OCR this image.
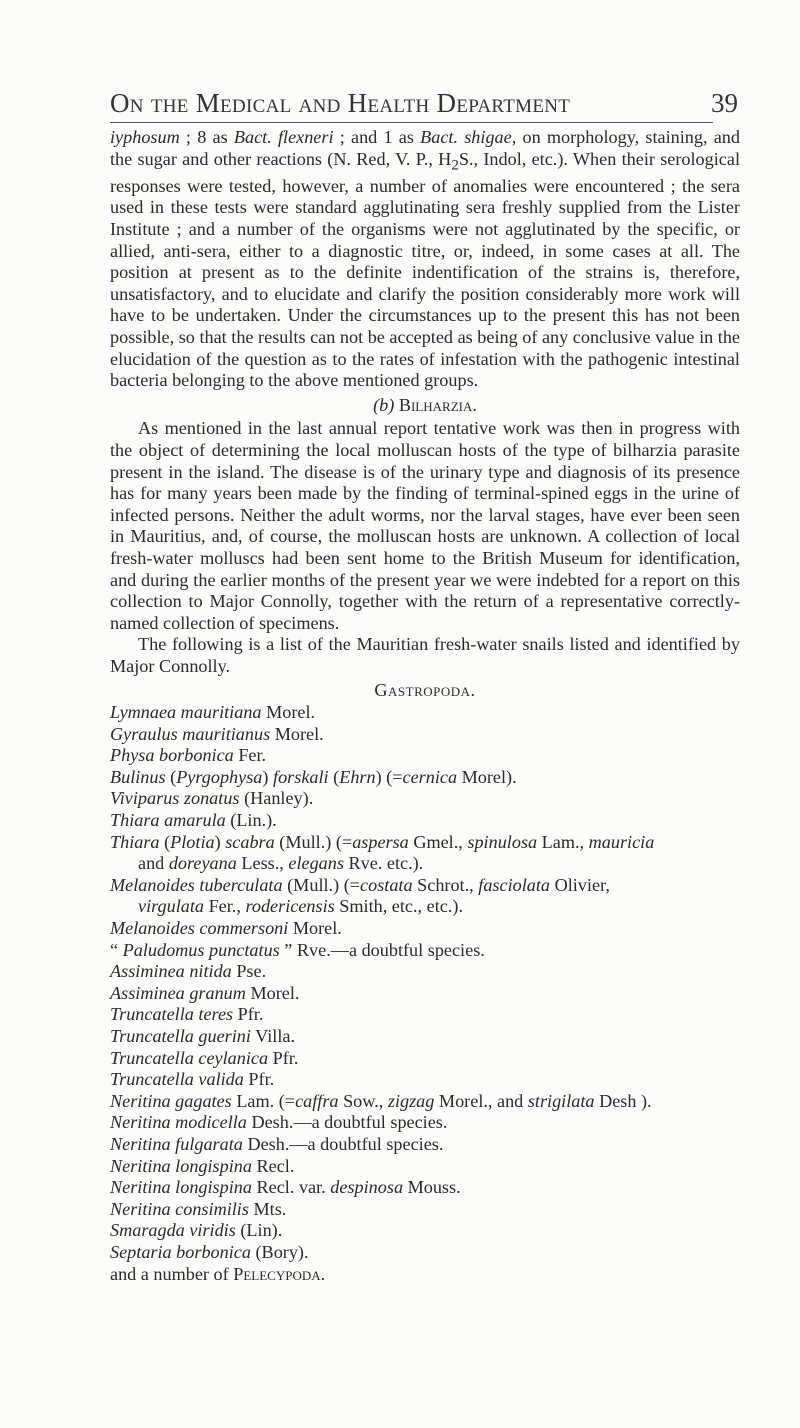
On the Medical and Health Department	39

iyphosum ; 8 as Bact. flexneri ; and 1 as Bact. shigae, on morphology, staining, and the sugar and other reactions (N. Red, V. P., $H_2S$., Indol, etc.). When their serological responses were tested, however, a number of anomalies were encountered ; the sera used in these tests were standard agglutinating sera freshly supplied from the Lister Institute ; and a number of the organisms were not agglutinated by the specific, or allied, anti-sera, either to a diagnostic titre, or, indeed, in some cases at all. The position at present as to the definite indentification of the strains is, therefore, unsatisfactory, and to elucidate and clarify the position considerably more work will have to be undertaken. Under the circumstances up to the present this has not been possible, so that the results can not be accepted as being of any conclusive value in the elucidation of the question as to the rates of infestation with the pathogenic intestinal bacteria belonging to the above mentioned groups.

(b) Bilharzia.

As mentioned in the last annual report tentative work was then in progress with the object of determining the local molluscan hosts of the type of bilharzia parasite present in the island. The disease is of the urinary type and diagnosis of its presence has for many years been made by the finding of terminal-spined eggs in the urine of infected persons. Neither the adult worms, nor the larval stages, have ever been seen in Mauritius, and, of course, the molluscan hosts are unknown. A collection of local fresh-water molluscs had been sent home to the British Museum for identification, and during the earlier months of the present year we were indebted for a report on this collection to Major Connolly, together with the return of a representative correctly-named collection of specimens.

The following is a list of the Mauritian fresh-water snails listed and identified by Major Connolly.

Gastropoda.

Lymnaea mauritiana Morel.

Gyraulus mauritianus Morel.

Physa borbonica Fer.

Bulinus (Pyrgophysa) forskali (Ehrn) (=cernica Morel).

Viviparus zonatus (Hanley).

Thiara amarula (Lin.).

Thiara (Plotia) scabra (Mull.) (=aspersa Gmel., spinulosa Lam., mauricia
and doreyana Less., elegans Rve. etc.).

Melanoides tuberculata (Mull.) (=costata Schrot., fasciolata Olivier,
virgulata Fer., rodericensis Smith, etc., etc.).

Melanoides commersoni Morel.

“ Paludomus punctatus ” Rve.—a doubtful species.

Assiminea nitida Pse.

Assiminea granum Morel.

Truncatella teres Pfr.

Truncatella guerini Villa.

Truncatella ceylanica Pfr.

Truncatella valida Pfr.

Neritina gagates Lam. (=caffra Sow., zigzag Morel., and strigilata Desh ).

Neritina modicella Desh.—a doubtful species.

Neritina fulgarata Desh.—a doubtful species.

Neritina longispina Recl.

Neritina longispina Recl. var. despinosa Mouss.

Neritina consimilis Mts.

Smaragda viridis (Lin).

Septaria borbonica (Bory).

and a number of Pelecypoda.
